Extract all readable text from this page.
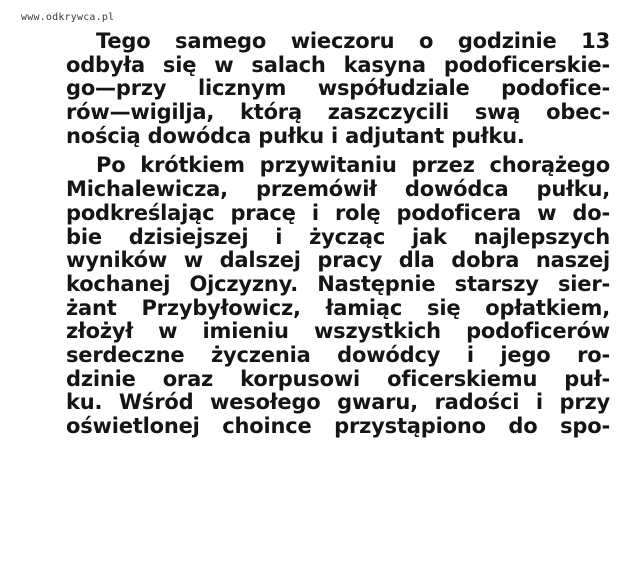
www.odkrywca.pl

Tego samego wieczoru o godzinie 13
odbyła się w salach kasyna podoficerskie-
go—przy licznym współudziale podoficе-
rów—wigilja, którą zaszczycili swą obec-
nością dowódca pułku i adjutant pułku.

Po krótkiem przywitaniu przez chorążego
Michalewicza, przemówił dowódca pułku,
podkreślając pracę i rolę podoficera w do-
bie dzisiejszej i życząc jak najlepszych
wyników w dalszej pracy dla dobra naszej
kochanej Ojczyzny. Następnie starszy sier-
żant Przybyłowicz, łamiąc się opłatkiem,
złożył w imieniu wszystkich podoficerów
serdeczne życzenia dowódcy i jego ro-
dzinie oraz korpusowi oficerskiemu puł-
ku. Wśród wesołego gwaru, radości i przy
oświetlonej choince przystąpiono do spo-
